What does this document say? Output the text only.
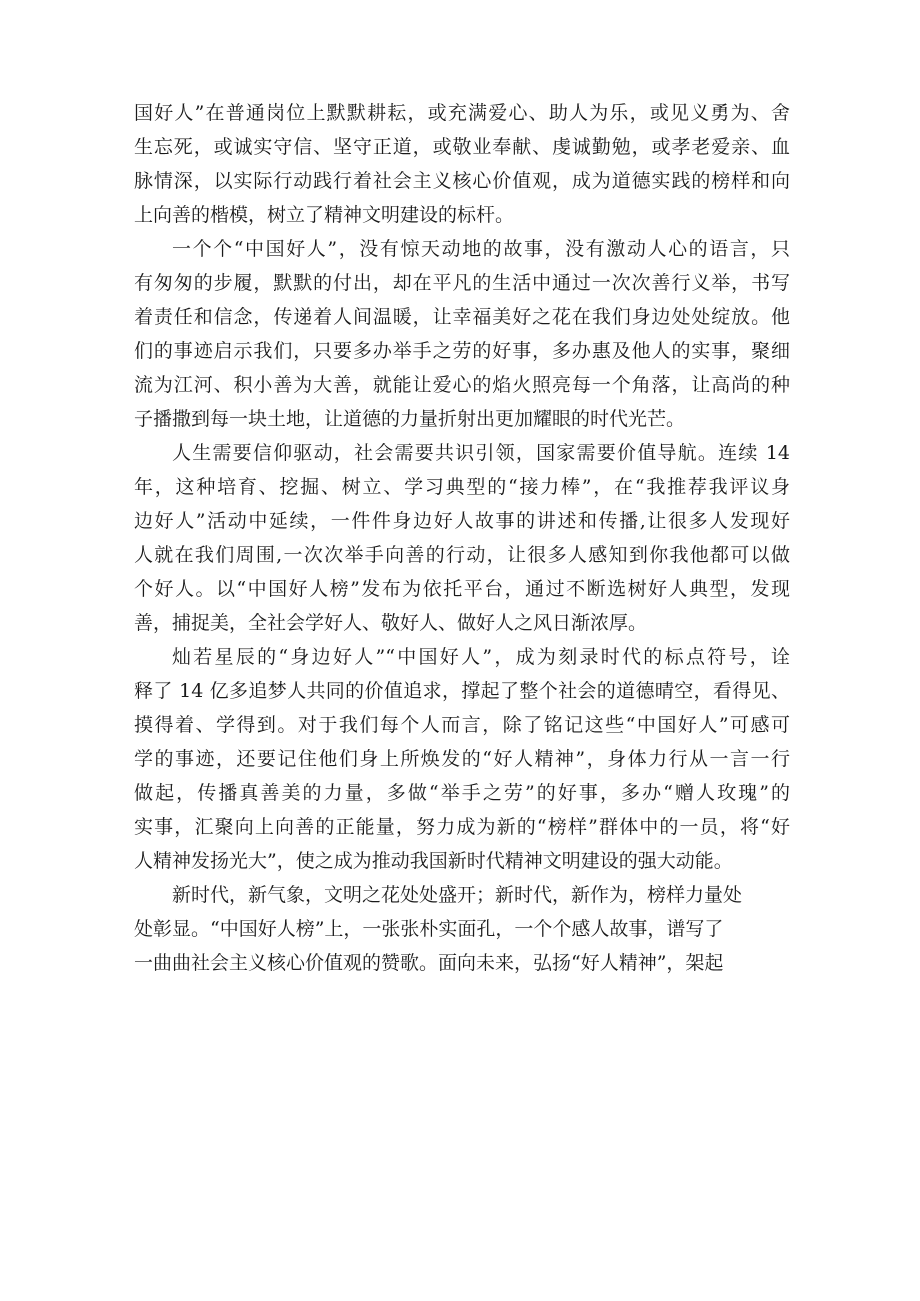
国好人”在普通岗位上默默耕耘，或充满爱心、助人为乐，或见义勇为、舍
生忘死，或诚实守信、坚守正道，或敬业奉献、虔诚勤勉，或孝老爱亲、血
脉情深，以实际行动践行着社会主义核心价值观，成为道德实践的榜样和向
上向善的楷模，树立了精神文明建设的标杆。
一个个“中国好人”，没有惊天动地的故事，没有激动人心的语言，只
有匆匆的步履，默默的付出，却在平凡的生活中通过一次次善行义举，书写
着责任和信念，传递着人间温暖，让幸福美好之花在我们身边处处绽放。他
们的事迹启示我们，只要多办举手之劳的好事，多办惠及他人的实事，聚细
流为江河、积小善为大善，就能让爱心的焰火照亮每一个角落，让高尚的种
子播撒到每一块土地，让道德的力量折射出更加耀眼的时代光芒。
人生需要信仰驱动，社会需要共识引领，国家需要价值导航。连续 14
年，这种培育、挖掘、树立、学习典型的“接力棒”，在“我推荐我评议身
边好人”活动中延续，一件件身边好人故事的讲述和传播,让很多人发现好
人就在我们周围,一次次举手向善的行动，让很多人感知到你我他都可以做
个好人。以“中国好人榜”发布为依托平台，通过不断选树好人典型，发现
善，捕捉美，全社会学好人、敬好人、做好人之风日渐浓厚。
灿若星辰的“身边好人”“中国好人”，成为刻录时代的标点符号，诠
释了 14 亿多追梦人共同的价值追求，撑起了整个社会的道德晴空，看得见、
摸得着、学得到。对于我们每个人而言，除了铭记这些“中国好人”可感可
学的事迹，还要记住他们身上所焕发的“好人精神”，身体力行从一言一行
做起，传播真善美的力量，多做“举手之劳”的好事，多办“赠人玫瑰”的
实事，汇聚向上向善的正能量，努力成为新的“榜样”群体中的一员，将“好
人精神发扬光大”，使之成为推动我国新时代精神文明建设的强大动能。
新时代，新气象，文明之花处处盛开；新时代，新作为，榜样力量处
处彰显。“中国好人榜”上，一张张朴实面孔，一个个感人故事，谱写了
一曲曲社会主义核心价值观的赞歌。面向未来，弘扬“好人精神”，架起
